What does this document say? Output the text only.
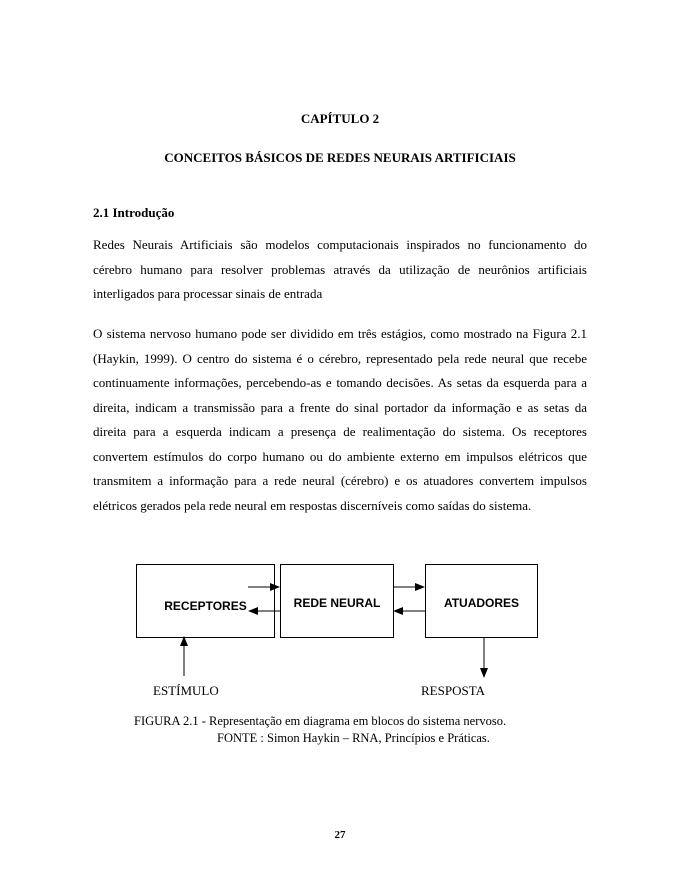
CAPÍTULO 2
CONCEITOS BÁSICOS DE REDES NEURAIS ARTIFICIAIS
2.1 Introdução

Redes Neurais Artificiais são modelos computacionais inspirados no funcionamento do cérebro humano para resolver problemas através da utilização de neurônios artificiais interligados para processar sinais de entrada

O sistema nervoso humano pode ser dividido em três estágios, como mostrado na Figura 2.1 (Haykin, 1999). O centro do sistema é o cérebro, representado pela rede neural que recebe continuamente informações, percebendo-as e tomando decisões. As setas da esquerda para a direita, indicam a transmissão para a frente do sinal portador da informação e as setas da direita para a esquerda indicam a presença de realimentação do sistema. Os receptores convertem estímulos do corpo humano ou do ambiente externo em impulsos elétricos que transmitem a informação para a rede neural (cérebro) e os atuadores convertem impulsos elétricos gerados pela rede neural em respostas discerníveis como saídas do sistema.

RECEPTORES	REDE NEURAL	ATUADORES
ESTÍMULO	RESPOSTA
FIGURA 2.1 - Representação em diagrama em blocos do sistema nervoso.
FONTE : Simon Haykin – RNA, Princípios e Práticas.
27
